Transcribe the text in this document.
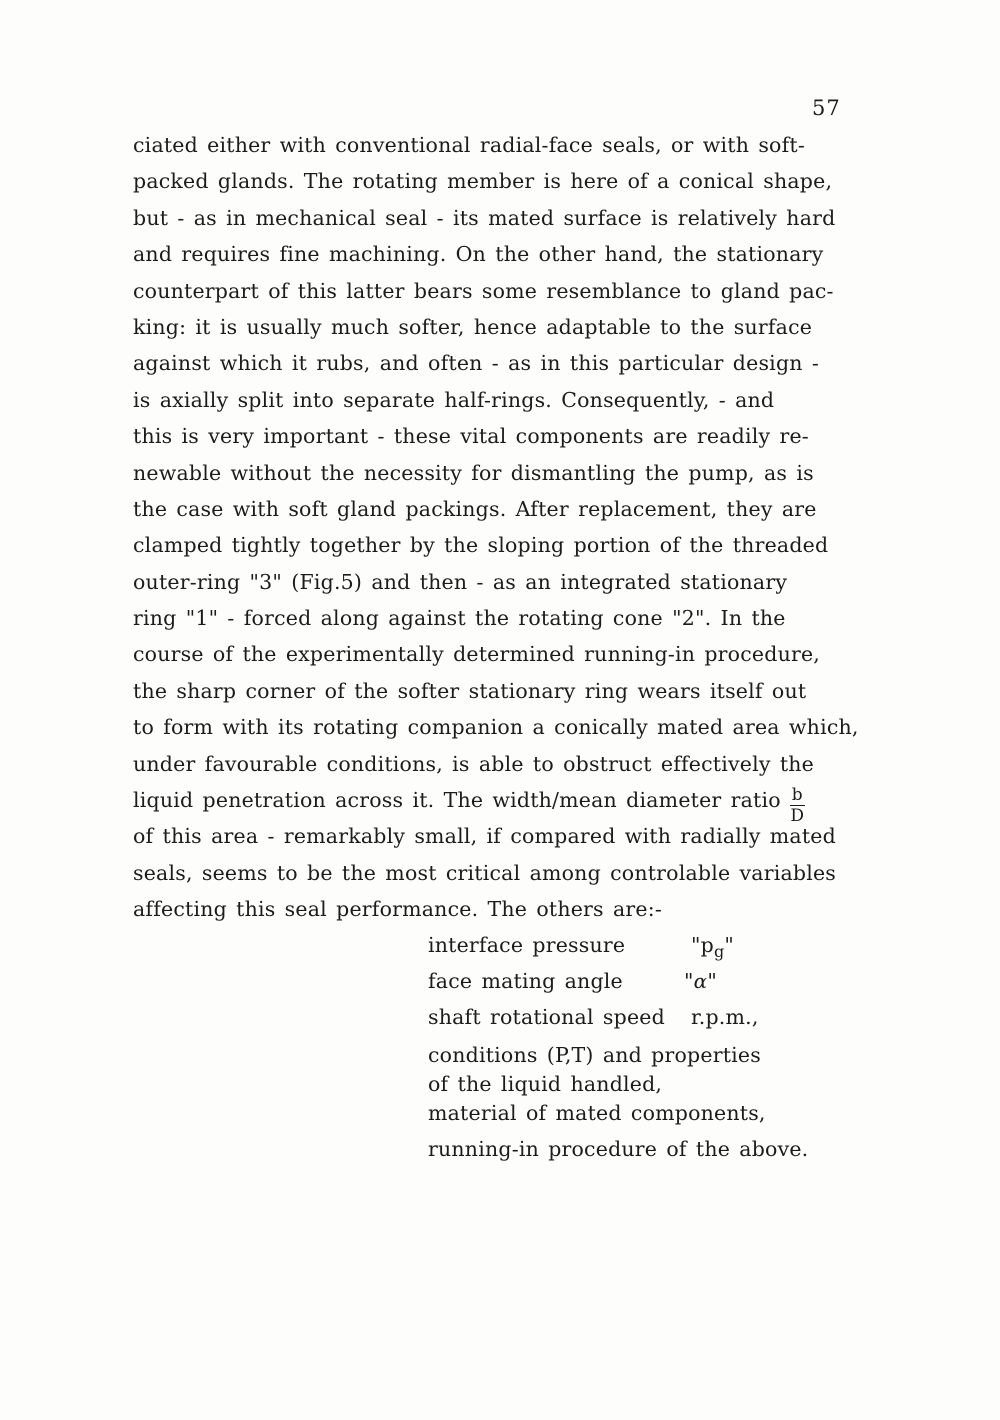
57
ciated either with conventional radial-face seals, or with soft-
packed glands. The rotating member is here of a conical shape,
but - as in mechanical seal - its mated surface is relatively hard
and requires fine machining. On the other hand, the stationary
counterpart of this latter bears some resemblance to gland pac-
king: it is usually much softer, hence adaptable to the surface
against which it rubs, and often - as in this particular design -
is axially split into separate half-rings. Consequently, - and
this is very important - these vital components are readily re-
newable without the necessity for dismantling the pump, as is
the case with soft gland packings. After replacement, they are
clamped tightly together by the sloping portion of the threaded
outer-ring "3" (Fig.5) and then - as an integrated stationary
ring "1" - forced along against the rotating cone "2". In the
course of the experimentally determined running-in procedure,
the sharp corner of the softer stationary ring wears itself out
to form with its rotating companion a conically mated area which,
under favourable conditions, is able to obstruct effectively the
liquid penetration across it. The width/mean diameter ratio $\frac{b}{D}$
of this area - remarkably small, if compared with radially mated
seals, seems to be the most critical among controlable variables
affecting this seal performance. The others are:-
interface pressure	"$p_g$"
face mating angle	"α"
shaft rotational speed r.p.m.,
conditions (P,T) and properties
of the liquid handled,
material of mated components,
running-in procedure of the above.
